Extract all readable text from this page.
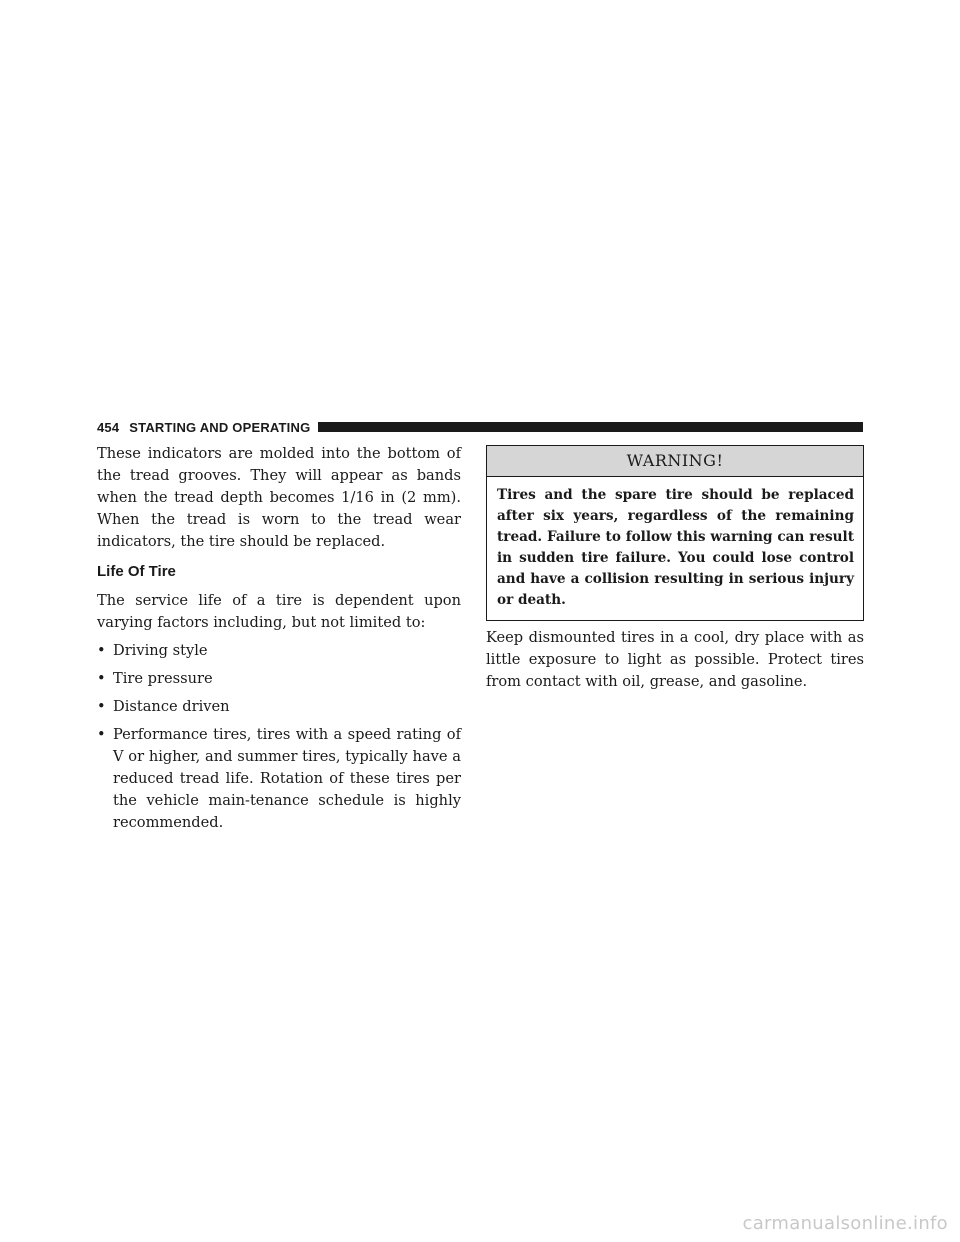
454 STARTING AND OPERATING

These indicators are molded into the bottom of the tread grooves. They will appear as bands when the tread depth becomes 1/16 in (2 mm). When the tread is worn to the tread wear indicators, the tire should be replaced.

Life Of Tire

The service life of a tire is dependent upon varying factors including, but not limited to:

• Driving style
• Tire pressure
• Distance driven
• Performance tires, tires with a speed rating of V or higher, and summer tires, typically have a reduced tread life. Rotation of these tires per the vehicle main-tenance schedule is highly recommended.
WARNING!
Tires and the spare tire should be replaced after six years, regardless of the remaining tread. Failure to follow this warning can result in sudden tire failure. You could lose control and have a collision resulting in serious injury or death.

Keep dismounted tires in a cool, dry place with as little exposure to light as possible. Protect tires from contact with oil, grease, and gasoline.

carmanualsonline.info
